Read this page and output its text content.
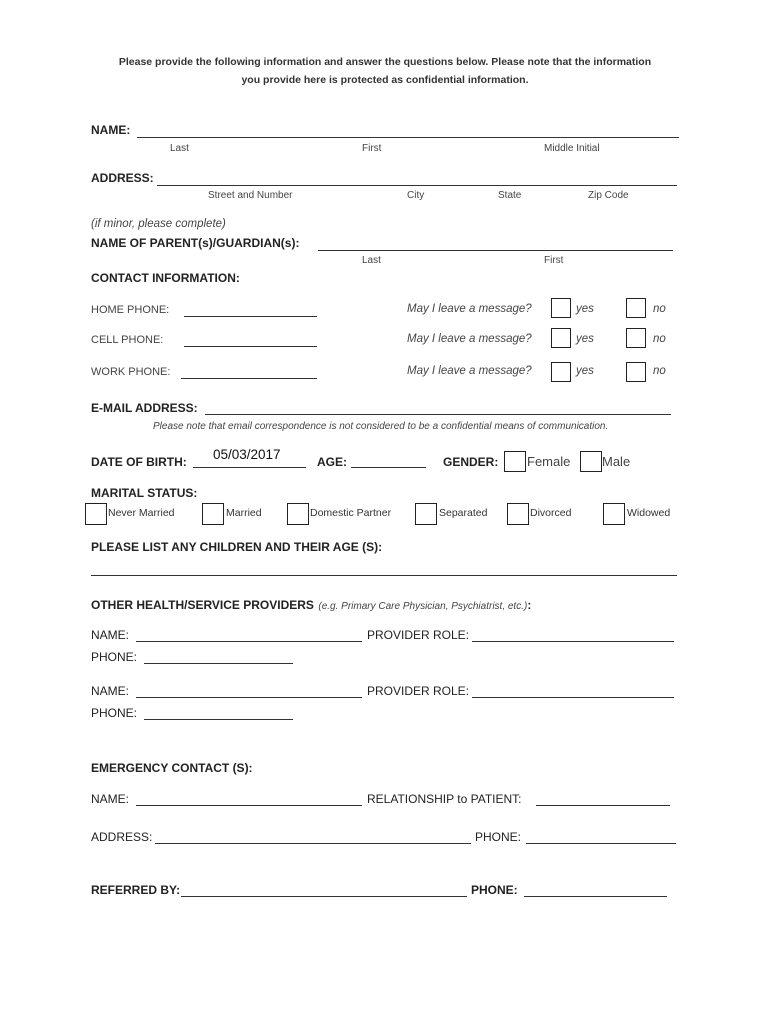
Please provide the following information and answer the questions below. Please note that the information
you provide here is protected as confidential information.
NAME:
Last	First	Middle Initial
ADDRESS:
Street and Number	City	State	Zip Code
(if minor, please complete)
NAME OF PARENT(s)/GUARDIAN(s):
Last	First
CONTACT INFORMATION:
HOME PHONE:	May I leave a message?	yes	no
CELL PHONE:	May I leave a message?	yes	no
WORK PHONE:	May I leave a message?	yes	no
E-MAIL ADDRESS:
Please note that email correspondence is not considered to be a confidential means of communication.
DATE OF BIRTH: 05/03/2017	AGE:	GENDER: Female Male
MARITAL STATUS:
Never Married	Married	Domestic Partner	Separated	Divorced	Widowed
PLEASE LIST ANY CHILDREN AND THEIR AGE (S):
OTHER HEALTH/SERVICE PROVIDERS (e.g. Primary Care Physician, Psychiatrist, etc.):
NAME:	PROVIDER ROLE:
PHONE:
NAME:	PROVIDER ROLE:
PHONE:
EMERGENCY CONTACT (S):
NAME:	RELATIONSHIP to PATIENT:
ADDRESS:	PHONE:
REFERRED BY:	PHONE:
